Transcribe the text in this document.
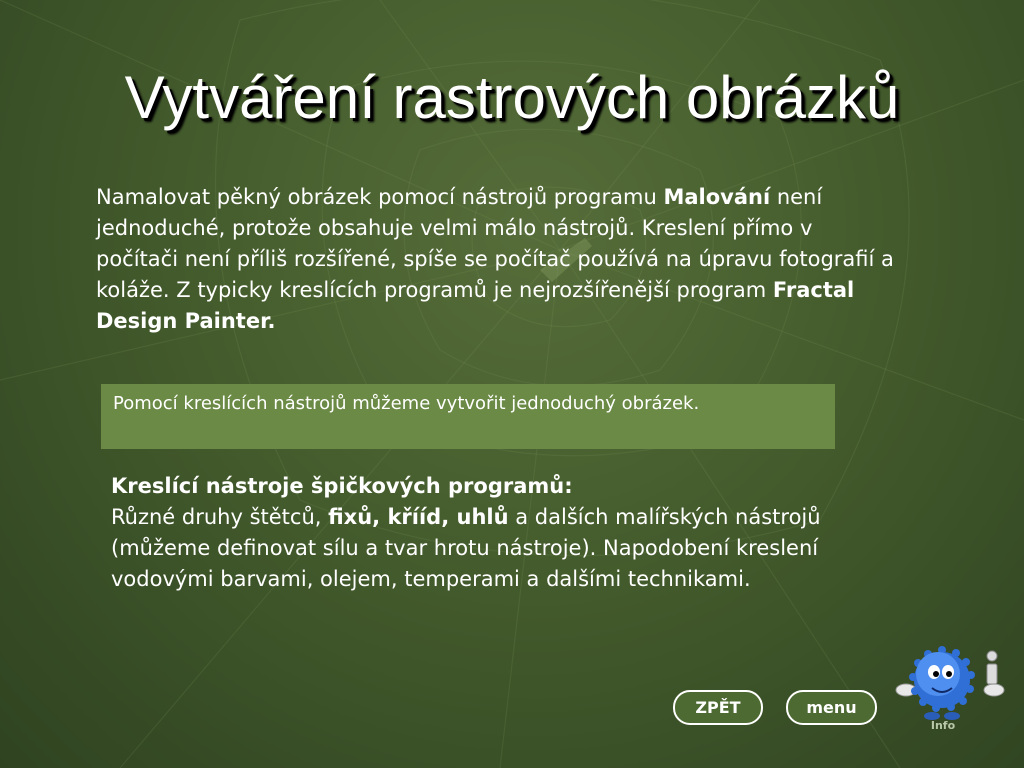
Vytváření rastrových obrázků

Namalovat pěkný obrázek pomocí nástrojů programu Malování není jednoduché, protože obsahuje velmi málo nástrojů. Kreslení přímo v počítači není příliš rozšířené, spíše se počítač používá na úpravu fotografií a koláže. Z typicky kreslících programů je nejrozšířenější program Fractal Design Painter.

Pomocí kreslících nástrojů můžeme vytvořit jednoduchý obrázek.

Kreslící nástroje špičkových programů:
Různé druhy štětců, fixů, křííd, uhlů a dalších malířských nástrojů (můžeme definovat sílu a tvar hrotu nástroje). Napodobení kreslení vodovými barvami, olejem, temperami a dalšími technikami.

ZPĚT	menu
Info
